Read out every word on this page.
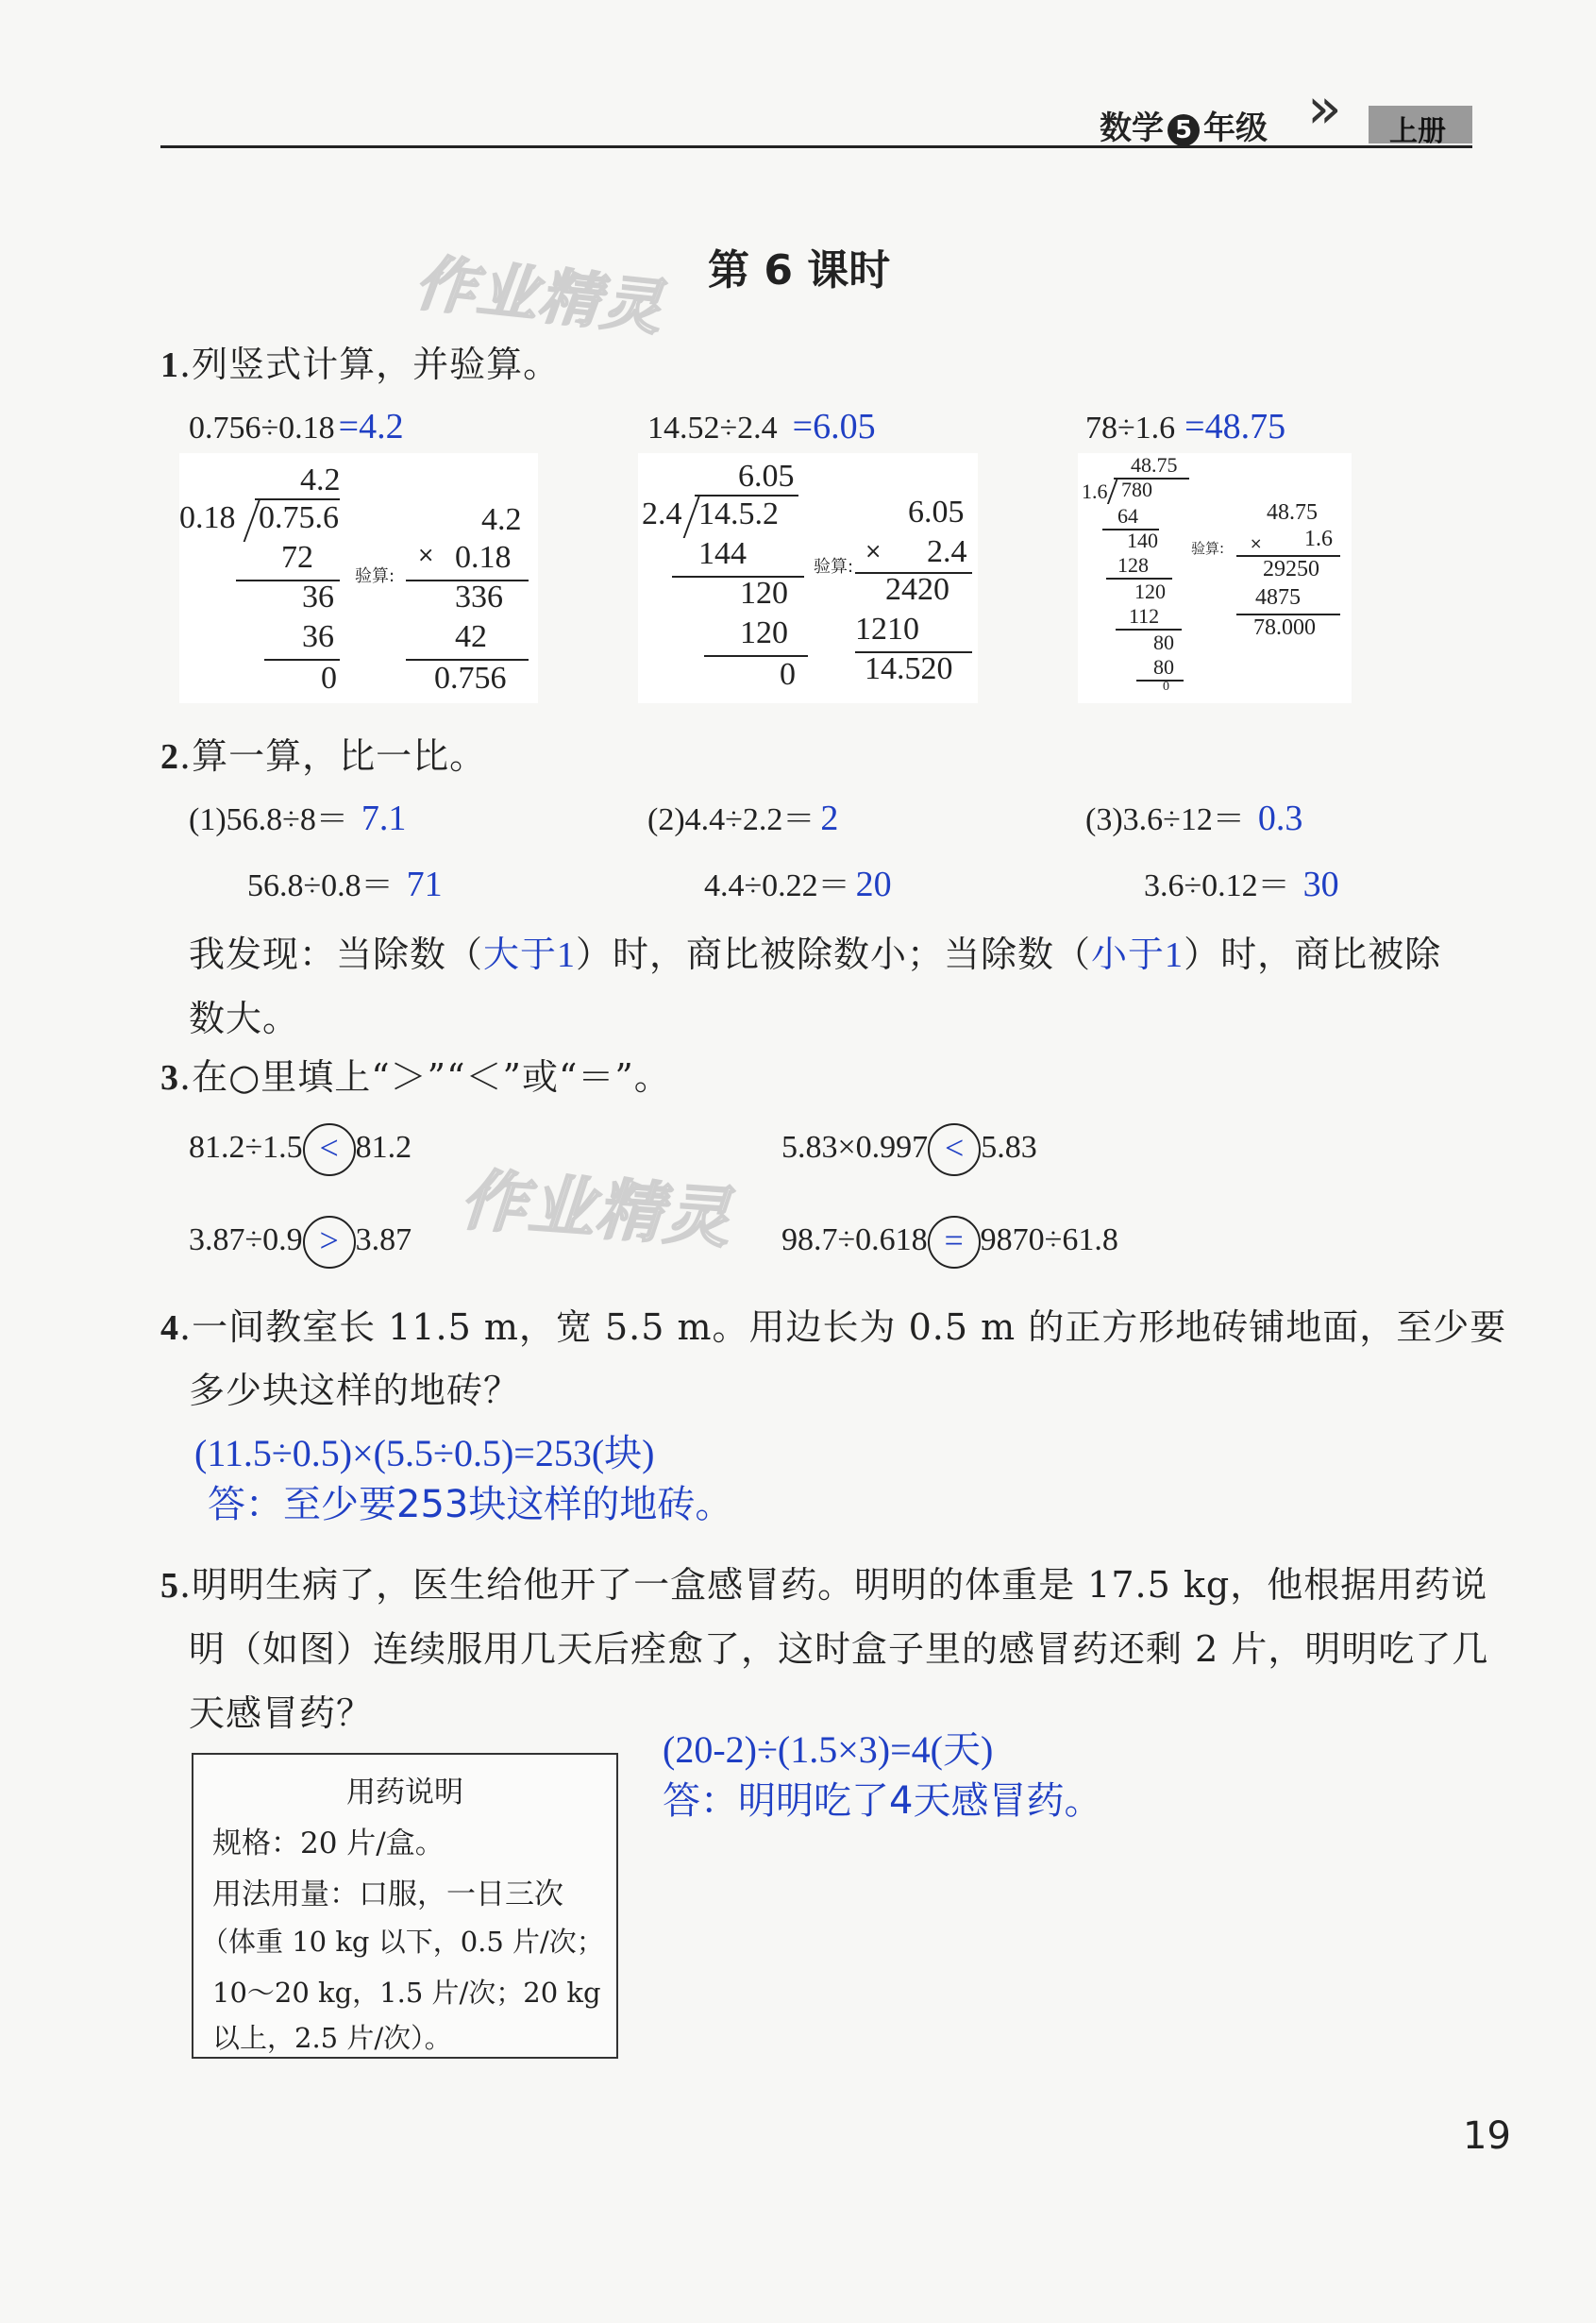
数学 5 年级 » 上册
作业精灵
作业精灵
第 6 课时
1.列竖式计算，并验算。
0.756÷0.18 =4.2
4.2
0.18 0.75.6
72
36
36
0
验算:
4.2
× 0.18
336
42
0.756
14.52÷2.4 =6.05
6.05
2.4 14.5.2
144
120
120
0
验算:
6.05
× 2.4
2420
1210
14.520
78÷1.6 =48.75
48.75
1.6 780
64
140
128
120
112
80
80
0
验算:
48.75
× 1.6
29250
4875
78.000
2.算一算，比一比。
(1)56.8÷8＝ 7.1
56.8÷0.8＝ 71
(2)4.4÷2.2＝ 2
4.4÷0.22＝ 20
(3)3.6÷12＝ 0.3
3.6÷0.12＝ 30
我发现：当除数（大于1）时，商比被除数小；当除数（小于1）时，商比被除
数大。
3.在○里填上“＞”“＜”或“＝”。
81.2÷1.5 < 81.2	5.83×0.997 < 5.83
3.87÷0.9 > 3.87	98.7÷0.618 = 9870÷61.8
4.一间教室长 11.5 m，宽 5.5 m。用边长为 0.5 m 的正方形地砖铺地面，至少要
多少块这样的地砖？
(11.5÷0.5)×(5.5÷0.5)=253(块)
答：至少要253块这样的地砖。
5.明明生病了，医生给他开了一盒感冒药。明明的体重是 17.5 kg，他根据用药说
明（如图）连续服用几天后痊愈了，这时盒子里的感冒药还剩 2 片，明明吃了几
天感冒药？
(20-2)÷(1.5×3)=4(天)
答：明明吃了4天感冒药。
用药说明
规格：20 片/盒。
用法用量：口服，一日三次
（体重 10 kg 以下，0.5 片/次；
10～20 kg，1.5 片/次；20 kg
以上，2.5 片/次）。
19
